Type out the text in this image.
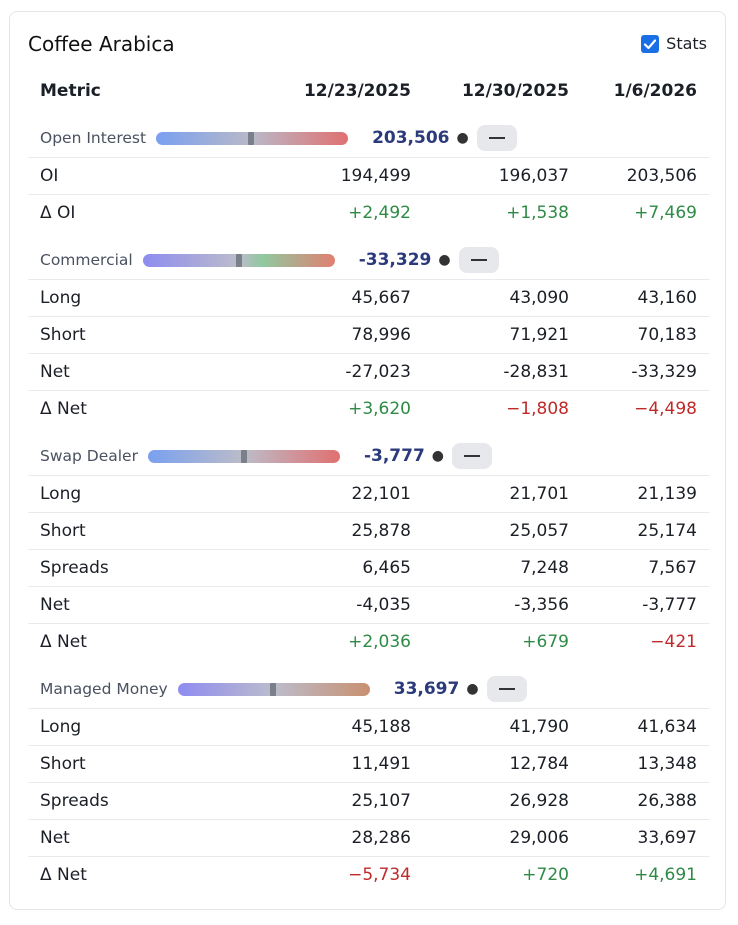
Coffee Arabica	Stats
Metric	12/23/2025	12/30/2025	1/6/2026
Open Interest	203,506 ●
OI	194,499	196,037	203,506
Δ OI	+2,492	+1,538	+7,469
Commercial	-33,329 ●
Long	45,667	43,090	43,160
Short	78,996	71,921	70,183
Net	-27,023	-28,831	-33,329
Δ Net	+3,620	−1,808	−4,498
Swap Dealer	-3,777 ●
Long	22,101	21,701	21,139
Short	25,878	25,057	25,174
Spreads	6,465	7,248	7,567
Net	-4,035	-3,356	-3,777
Δ Net	+2,036	+679	−421
Managed Money	33,697 ●
Long	45,188	41,790	41,634
Short	11,491	12,784	13,348
Spreads	25,107	26,928	26,388
Net	28,286	29,006	33,697
Δ Net	−5,734	+720	+4,691
